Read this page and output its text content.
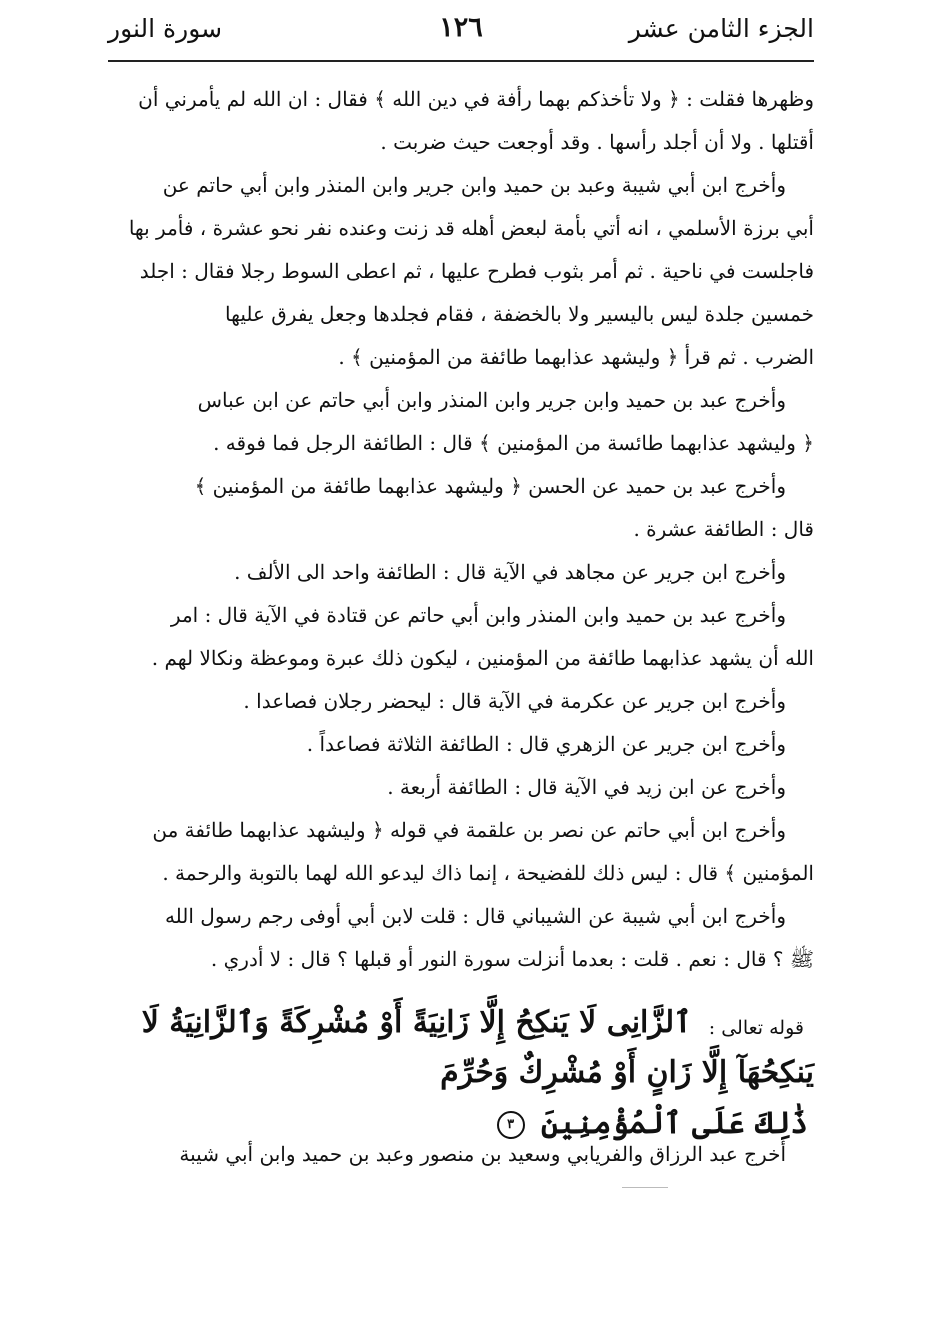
الجزء الثامن عشر
١٢٦
سورة النور
وظهرها فقلت : ﴿ ولا تأخذكم بهما رأفة في دين الله ﴾ فقال : ان الله لم يأمرني أن
أقتلها . ولا أن أجلد رأسها . وقد أوجعت حيث ضربت .
وأخرج ابن أبي شيبة وعبد بن حميد وابن جرير وابن المنذر وابن أبي حاتم عن
أبي برزة الأسلمي ، انه أتي بأمة لبعض أهله قد زنت وعنده نفر نحو عشرة ، فأمر بها
فاجلست في ناحية . ثم أمر بثوب فطرح عليها ، ثم اعطى السوط رجلا فقال : اجلد
خمسين جلدة ليس باليسير ولا بالخضفة ، فقام فجلدها وجعل يفرق عليها
الضرب . ثم قرأ ﴿ وليشهد عذابهما طائفة من المؤمنين ﴾ .
وأخرج عبد بن حميد وابن جرير وابن المنذر وابن أبي حاتم عن ابن عباس
﴿ وليشهد عذابهما طائسة من المؤمنين ﴾ قال : الطائفة الرجل فما فوقه .
وأخرج عبد بن حميد عن الحسن ﴿ وليشهد عذابهما طائفة من المؤمنين ﴾
قال : الطائفة عشرة .
وأخرج ابن جرير عن مجاهد في الآية قال : الطائفة واحد الى الألف .
وأخرج عبد بن حميد وابن المنذر وابن أبي حاتم عن قتادة في الآية قال : امر
الله أن يشهد عذابهما طائفة من المؤمنين ، ليكون ذلك عبرة وموعظة ونكالا لهم .
وأخرج ابن جرير عن عكرمة في الآية قال : ليحضر رجلان فصاعدا .
وأخرج ابن جرير عن الزهري قال : الطائفة الثلاثة فصاعداً .
وأخرج عن ابن زيد في الآية قال : الطائفة أربعة .
وأخرج ابن أبي حاتم عن نصر بن علقمة في قوله ﴿ وليشهد عذابهما طائفة من
المؤمنين ﴾ قال : ليس ذلك للفضيحة ، إنما ذاك ليدعو الله لهما بالتوبة والرحمة .
وأخرج ابن أبي شيبة عن الشيباني قال : قلت لابن أبي أوفى رجم رسول الله
ﷺ ؟ قال : نعم . قلت : بعدما أنزلت سورة النور أو قبلها ؟ قال : لا أدري .
قوله تعالى : ٱلزَّانِى لَا يَنكِحُ إِلَّا زَانِيَةً أَوْ مُشْرِكَةً وَٱلزَّانِيَةُ لَا يَنكِحُهَآ إِلَّا زَانٍ أَوْ مُشْرِكٌ وَحُرِّمَ
ذَٰلِكَ عَلَى ٱلْمُؤْمِنِينَ ٣
أخرج عبد الرزاق والفريابي وسعيد بن منصور وعبد بن حميد وابن أبي شيبة
